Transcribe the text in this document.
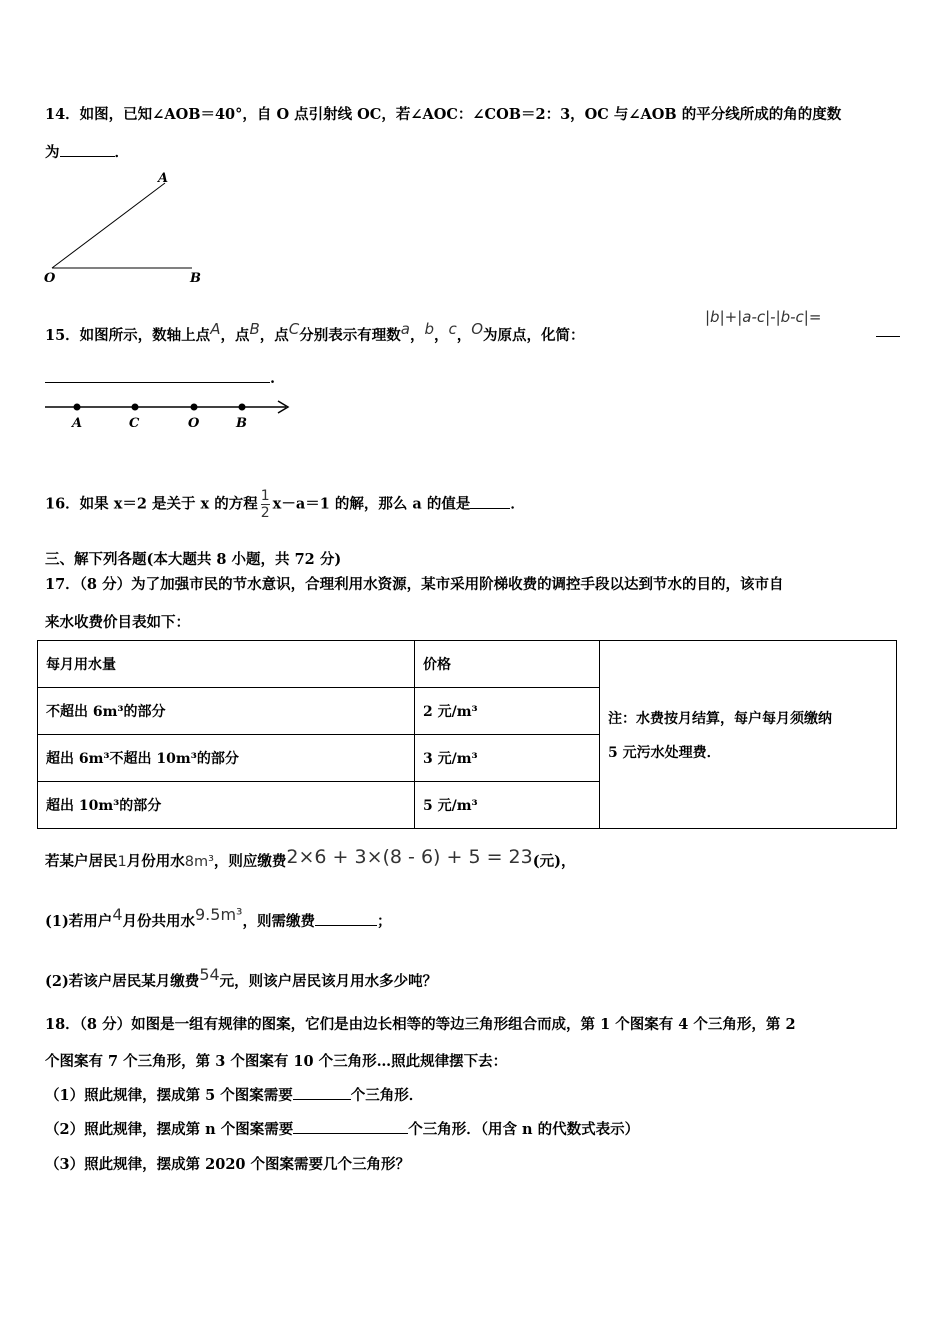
14．如图，已知∠AOB＝40°，自 O 点引射线 OC，若∠AOC：∠COB＝2：3，OC 与∠AOB 的平分线所成的角的度数
为	．
A
O	B
15．如图所示，数轴上点$^A$，点$^B$，点$^C$分别表示有理数$^a$，$^b$，$^c$，$^O$为原点，化简：
|b|+|a-c|-|b-c|=
.
A	C	O	B
16．如果 x＝2 是关于 x 的方程 $\frac{1}{2} x-a=1$ 的解，那么 a 的值是	．
三、解下列各题(本大题共 8 小题，共 72 分)
17．（8 分）为了加强市民的节水意识，合理利用水资源，某市采用阶梯收费的调控手段以达到节水的目的，该市自
来水收费价目表如下：
每月用水量	价格	注：水费按月结算，每户每月须缴纳
5 元污水处理费．

不超出 6m³的部分	2 元/m³	
超出 6m³不超出 10m³的部分	3 元/m³	
超出 10m³的部分	5 元/m³	
若某户居民1月份用水8m³，则应缴费2×6 + 3×(8 - 6) + 5 = 23(元)，
(1)若用户$^4$月份共用水$^{9.5m^3}$，则需缴费	；
(2)若该户居民某月缴费$^{54}$元，则该户居民该月用水多少吨？
18．（8 分）如图是一组有规律的图案，它们是由边长相等的等边三角形组合而成，第 1 个图案有 4 个三角形，第 2
个图案有 7 个三角形，第 3 个图案有 10 个三角形…照此规律摆下去：
（1）照此规律，摆成第 5 个图案需要	个三角形．
（2）照此规律，摆成第 n 个图案需要	个三角形．（用含 n 的代数式表示）
（3）照此规律，摆成第 2020 个图案需要几个三角形？
